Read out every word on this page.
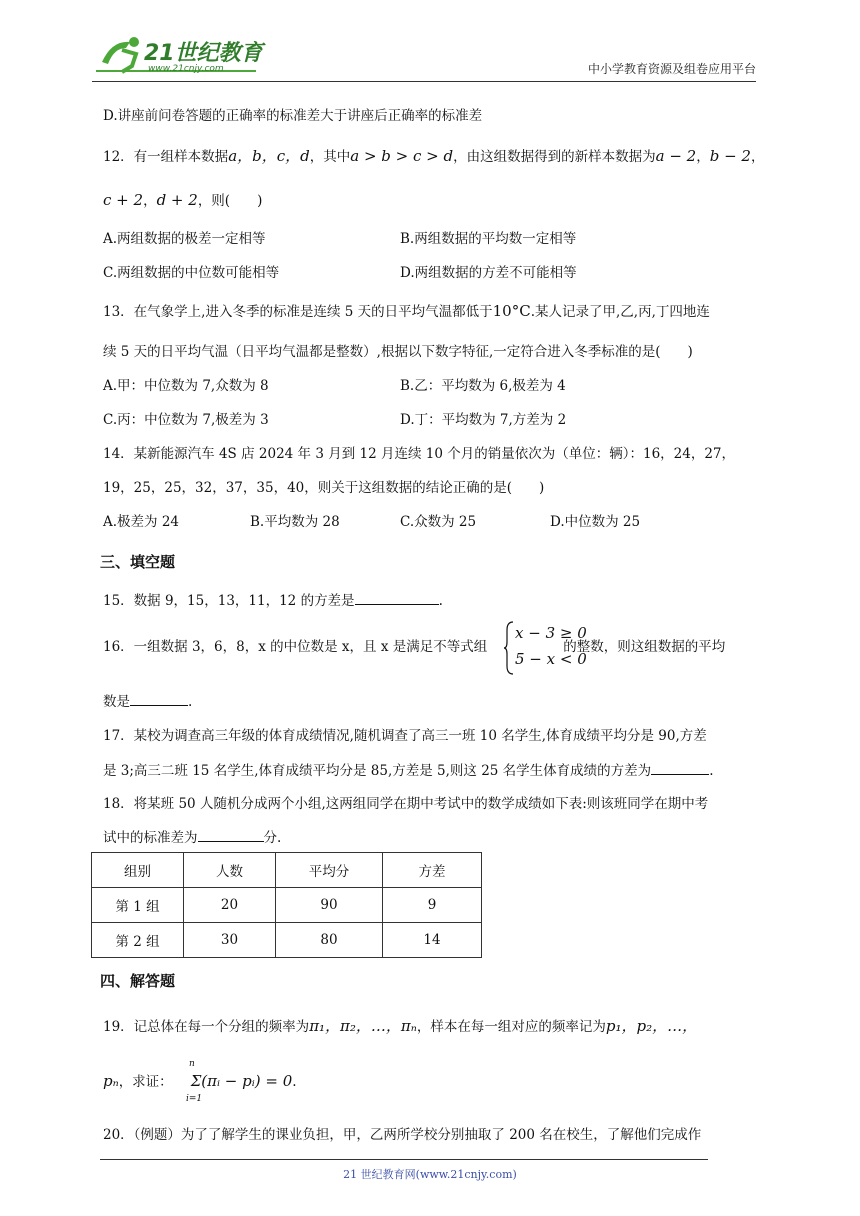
21世纪教育
www.21cnjy.com	中小学教育资源及组卷应用平台
D.讲座前问卷答题的正确率的标准差大于讲座后正确率的标准差
12．有一组样本数据a，b，c，d，其中a > b > c > d，由这组数据得到的新样本数据为a − 2，b − 2，
c + 2，d + 2，则(　　)
A.两组数据的极差一定相等	B.两组数据的平均数一定相等
C.两组数据的中位数可能相等	D.两组数据的方差不可能相等
13．在气象学上,进入冬季的标准是连续 5 天的日平均气温都低于10°C.某人记录了甲,乙,丙,丁四地连
续 5 天的日平均气温（日平均气温都是整数）,根据以下数字特征,一定符合进入冬季标准的是(　　)
A.甲：中位数为 7,众数为 8	B.乙：平均数为 6,极差为 4
C.丙：中位数为 7,极差为 3	D.丁：平均数为 7,方差为 2
14．某新能源汽车 4S 店 2024 年 3 月到 12 月连续 10 个月的销量依次为（单位：辆）：16，24，27，
19，25，25，32，37，35，40，则关于这组数据的结论正确的是(　　)
A.极差为 24	B.平均数为 28	C.众数为 25	D.中位数为 25
三、填空题
15．数据 9，15，13，11，12 的方差是	.
16．一组数据 3，6，8，x 的中位数是 x，且 x 是满足不等式组	的整数，则这组数据的平均
x − 3 ≥ 0
5 − x < 0
数是	.
17．某校为调查高三年级的体育成绩情况,随机调查了高三一班 10 名学生,体育成绩平均分是 90,方差
是 3;高三二班 15 名学生,体育成绩平均分是 85,方差是 5,则这 25 名学生体育成绩的方差为	.
18．将某班 50 人随机分成两个小组,这两组同学在期中考试中的数学成绩如下表:则该班同学在期中考
试中的标准差为	分.
组别	人数	平均分	方差
第 1 组	20	90	9
第 2 组	30	80	14
四、解答题
19．记总体在每一个分组的频率为π₁，π₂，…，πₙ，样本在每一组对应的频率记为p₁，p₂，…，
pₙ，求证： Σ(πᵢ − pᵢ) = 0.
n
i=1
20．（例题）为了了解学生的课业负担，甲，乙两所学校分别抽取了 200 名在校生，了解他们完成作
21 世纪教育网(www.21cnjy.com)
